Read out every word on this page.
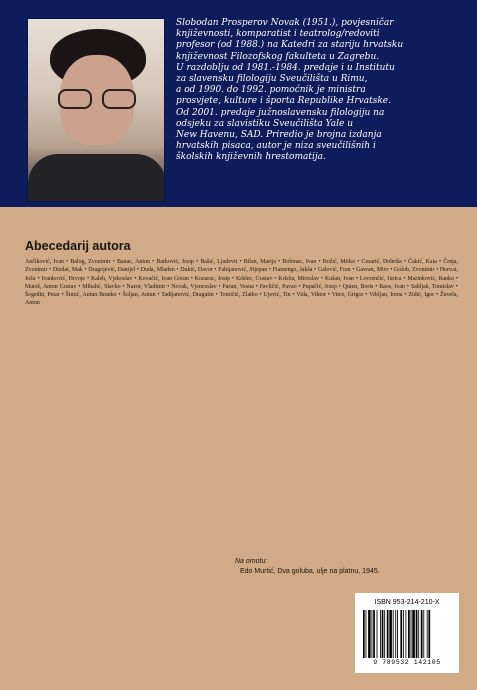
Slobodan Prosperov Novak (1951.), povjesničar
književnosti, komparatist i teatrolog/redoviti
profesor (od 1988.) na Katedri za stariju hrvatsku
književnost Filozofskog fakulteta u Zagrebu.
U razdoblju od 1981.-1984. predaje i u Institutu
za slavensku filologiju Sveučilišta u Rimu,
a od 1990. do 1992. pomoćnik je ministra
prosvjete, kulture i športa Republike Hrvatske.
Od 2001. predaje južnoslavensku filologiju na
odsjeku za slavistiku Sveučilišta Yale u
New Havenu, SAD. Priredio je brojna izdanja
hrvatskih pisaca, autor je niza sveučilišnih i
školskih književnih hrestomatija.

Abecedarij autora

Ančiković, Ivan • Balog, Zvonimir • Banac, Antun • Barković, Josip • Bašić, Ljudevit • Bilan, Marija • Bobinac, Ivan • Božić, Mirko • Cesarić, Dobriša • Čakić, Kata • Črnja, Zvonimir • Dizdar, Mak • Dragojević, Danijel • Duda, Mladen • Dukić, Davor • Fabijanović, Stjepan • Fiamengo, Jakša • Galović, Fran • Gavran, Miro • Golob, Zvonimir • Horvat, Joža • Ivanković, Hrvoje • Kaleb, Vjekoslav • Kovačić, Ivan Goran • Kozarac, Josip • Krklec, Gustav • Krleža, Miroslav • Kušan, Ivan • Lovrenčić, Jurica • Marinković, Ranko • Matoš, Antun Gustav • Mihalić, Slavko • Nazor, Vladimir • Novak, Vjenceslav • Parun, Vesna • Pavličić, Pavao • Pupačić, Josip • Quien, Boris • Raos, Ivan • Sabljak, Tomislav • Šegedin, Petar • Šimić, Antun Branko • Šoljan, Antun • Tadijanović, Dragutin • Tomičić, Zlatko • Ujević, Tin • Vida, Viktor • Vitez, Grigor • Vrkljan, Irena • Zidić, Igor • Žuvela, Antun

Na omotu:
Edo Murtić, Dva goluba, ulje na platnu, 1945.
ISBN 953-214-210-X
9 789532 142105
